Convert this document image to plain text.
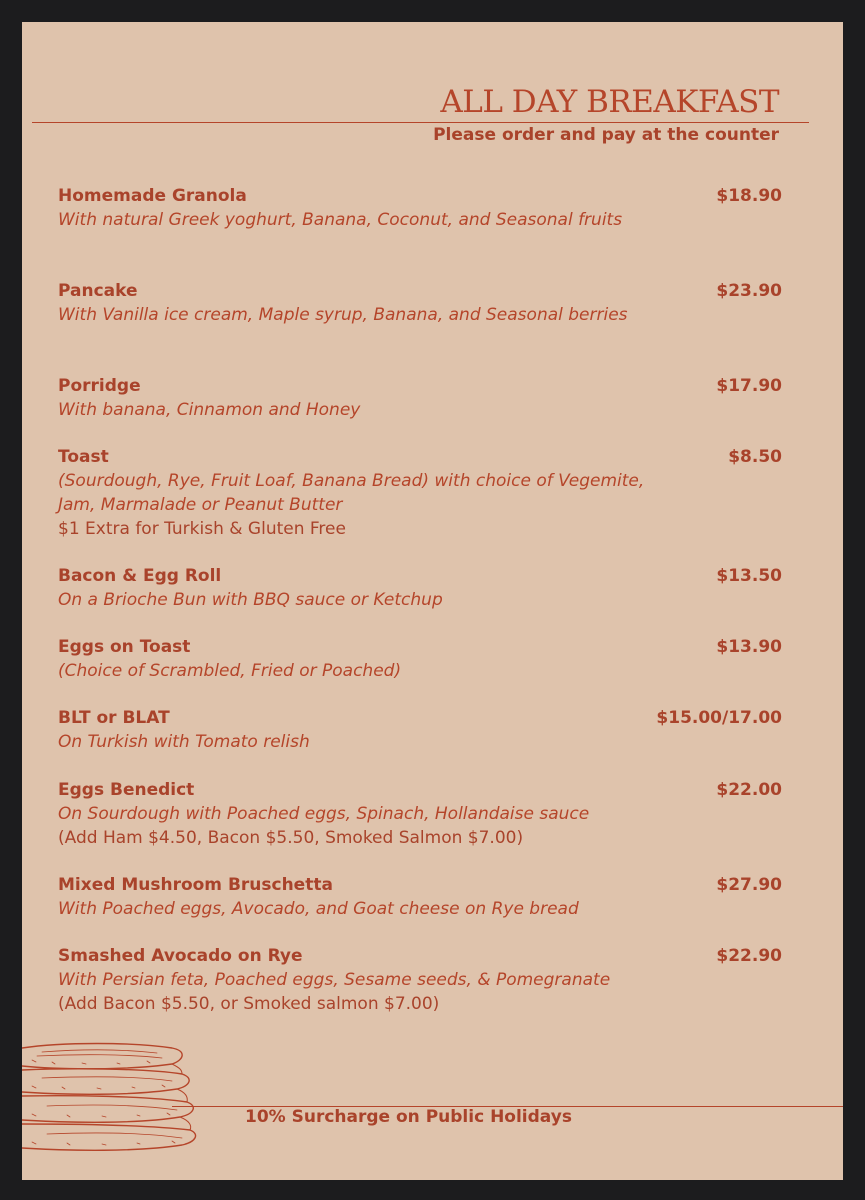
ALL DAY BREAKFAST
Please order and pay at the counter
Homemade Granola	$18.90
With natural Greek yoghurt, Banana, Coconut, and Seasonal fruits
Pancake	$23.90
With Vanilla ice cream, Maple syrup, Banana, and Seasonal berries
Porridge	$17.90
With banana, Cinnamon and Honey
Toast	$8.50
(Sourdough, Rye, Fruit Loaf, Banana Bread) with choice of Vegemite, Jam, Marmalade or Peanut Butter
$1 Extra for Turkish & Gluten Free
Bacon & Egg Roll	$13.50
On a Brioche Bun with BBQ sauce or Ketchup
Eggs on Toast	$13.90
(Choice of Scrambled, Fried or Poached)
BLT or BLAT	$15.00/17.00
On Turkish with Tomato relish
Eggs Benedict	$22.00
On Sourdough with Poached eggs, Spinach, Hollandaise sauce
(Add Ham $4.50, Bacon $5.50, Smoked Salmon $7.00)
Mixed Mushroom Bruschetta	$27.90
With Poached eggs, Avocado, and Goat cheese on Rye bread
Smashed Avocado on Rye	$22.90
With Persian feta, Poached eggs, Sesame seeds, & Pomegranate
(Add Bacon $5.50, or Smoked salmon $7.00)
10% Surcharge on Public Holidays
